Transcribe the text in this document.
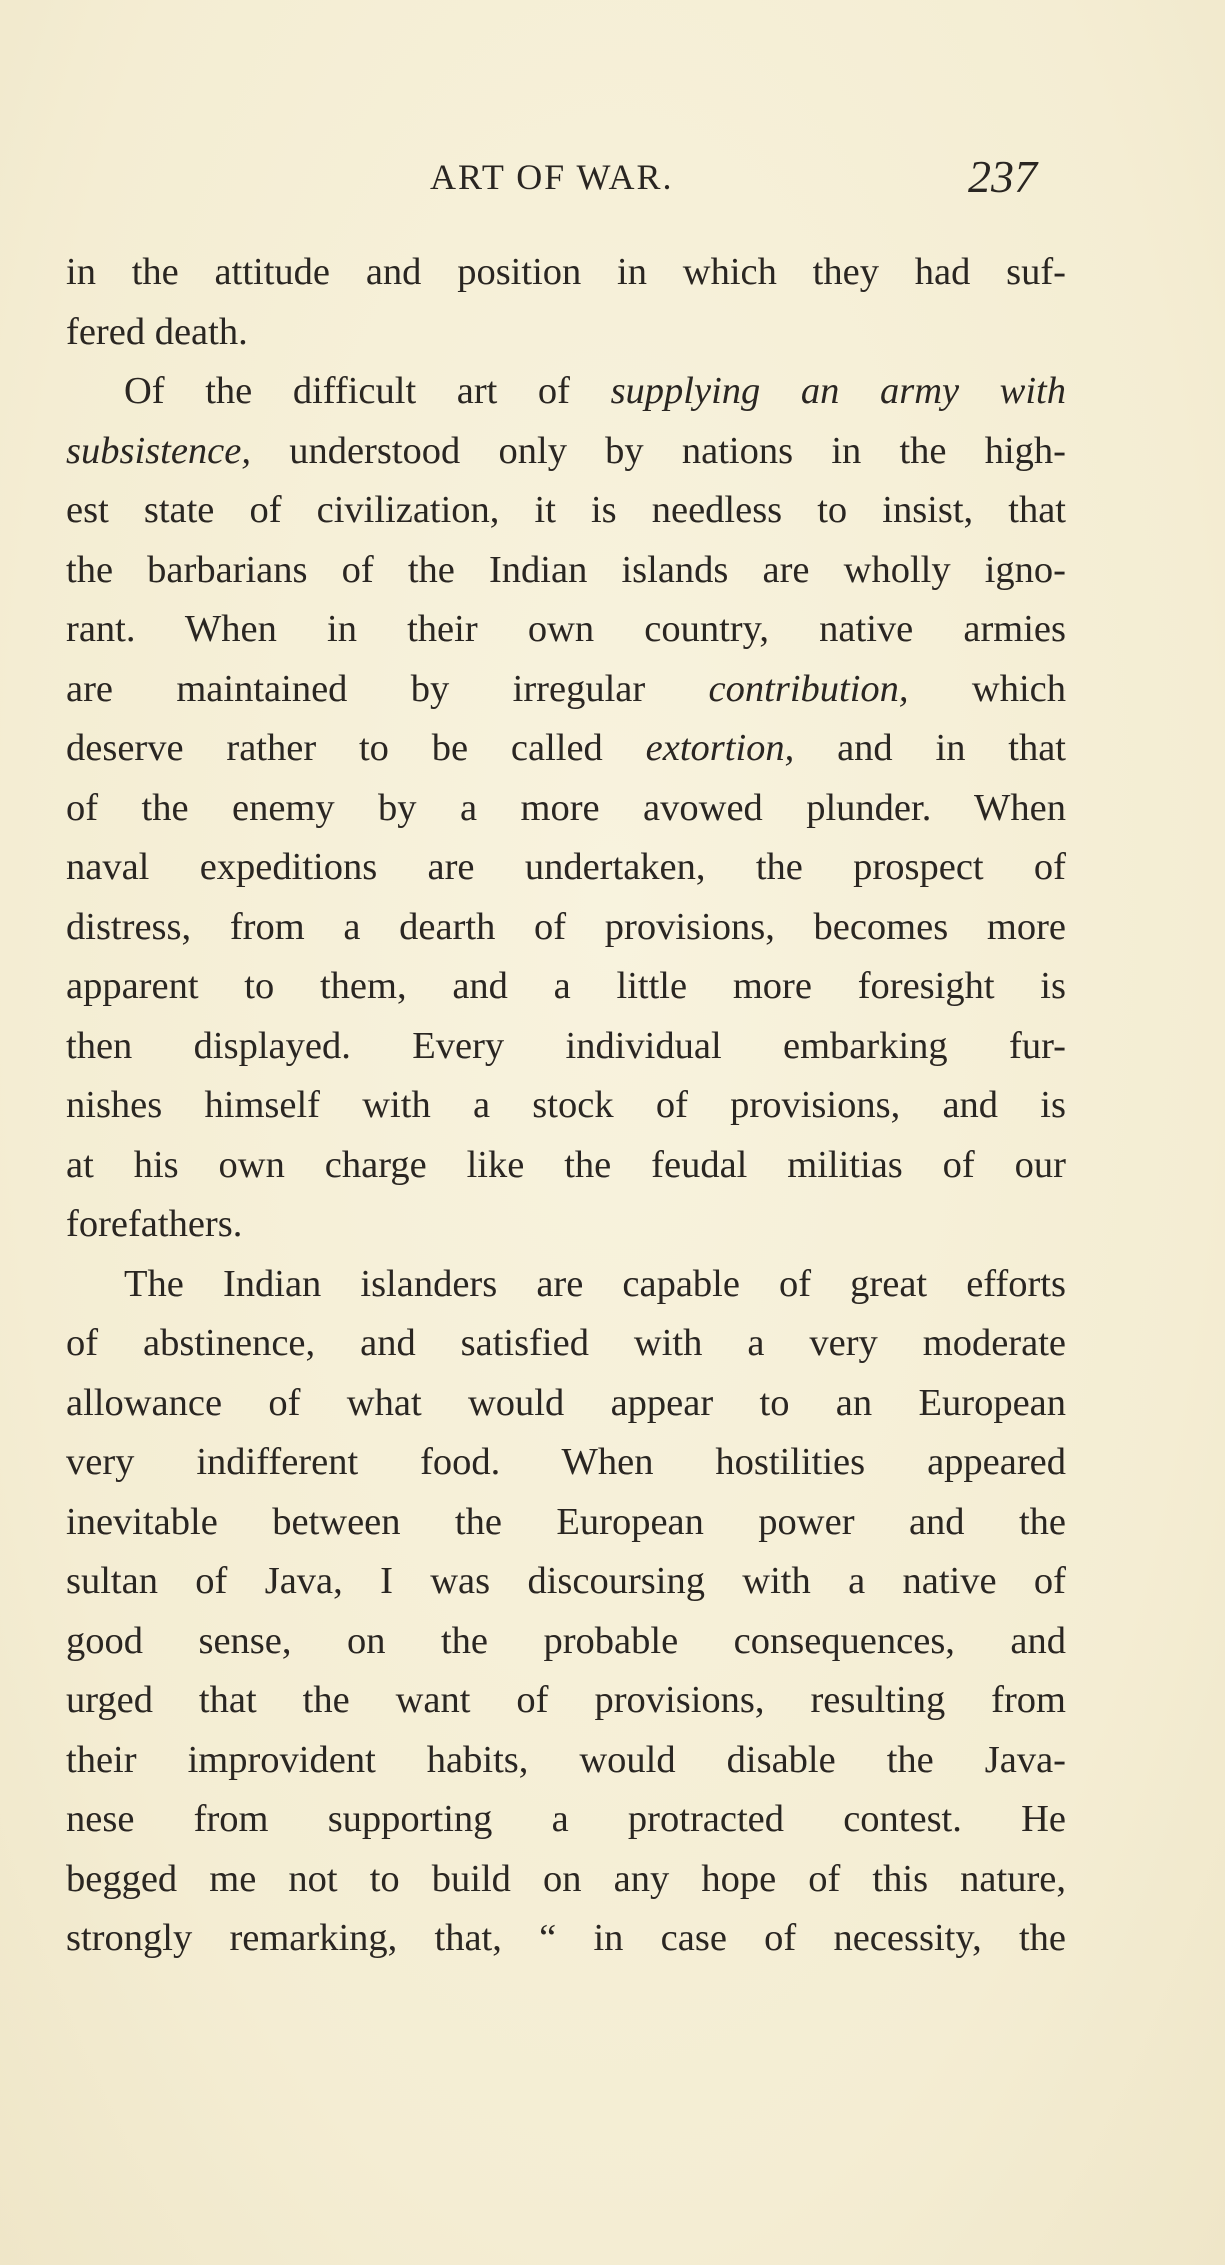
ART OF WAR.	237
in the attitude and position in which they had suf-
fered death.
Of the difficult art of supplying an army with
subsistence, understood only by nations in the high-
est state of civilization, it is needless to insist, that
the barbarians of the Indian islands are wholly igno-
rant. When in their own country, native armies
are maintained by irregular contribution, which
deserve rather to be called extortion, and in that
of the enemy by a more avowed plunder. When
naval expeditions are undertaken, the prospect of
distress, from a dearth of provisions, becomes more
apparent to them, and a little more foresight is
then displayed. Every individual embarking fur-
nishes himself with a stock of provisions, and is
at his own charge like the feudal militias of our
forefathers.
The Indian islanders are capable of great efforts
of abstinence, and satisfied with a very moderate
allowance of what would appear to an European
very indifferent food. When hostilities appeared
inevitable between the European power and the
sultan of Java, I was discoursing with a native of
good sense, on the probable consequences, and
urged that the want of provisions, resulting from
their improvident habits, would disable the Java-
nese from supporting a protracted contest. He
begged me not to build on any hope of this nature,
strongly remarking, that, “ in case of necessity, the
